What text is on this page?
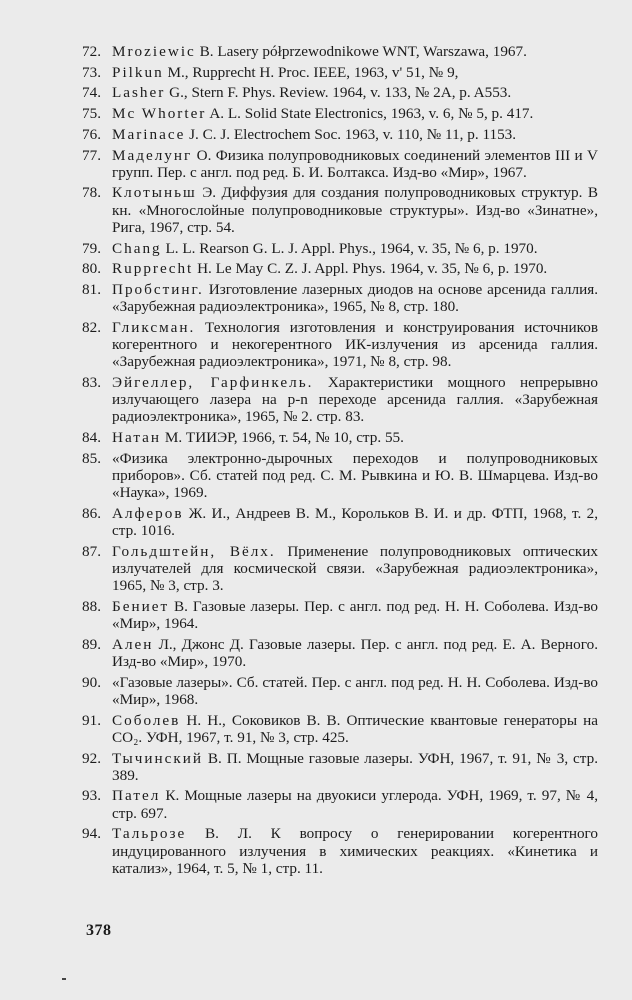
72. Mroziewic B. Lasery półprzewodnikowe WNT, Warszawa, 1967.
73. Pilkun M., Rupprecht H. Proc. IEEE, 1963, v' 51, № 9,
74. Lasher G., Stern F. Phys. Review. 1964, v. 133, № 2A, p. A553.
75. Mc Whorter A. L. Solid State Electronics, 1963, v. 6, № 5, p. 417.
76. Marinace J. C. J. Electrochem Soc. 1963, v. 110, № 11, p. 1153.
77. Маделунг О. Физика полупроводниковых соединений элементов III и V групп. Пер. с англ. под ред. Б. И. Болтакса. Изд-во «Мир», 1967.
78. Клотыньш Э. Диффузия для создания полупроводниковых структур. В кн. «Многослойные полупроводниковые структуры». Изд-во «Зинатне», Рига, 1967, стр. 54.
79. Chang L. L. Rearson G. L. J. Appl. Phys., 1964, v. 35, № 6, p. 1970.
80. Rupprecht H. Le May C. Z. J. Appl. Phys. 1964, v. 35, № 6, p. 1970.
81. Пробстинг. Изготовление лазерных диодов на основе арсенида галлия. «Зарубежная радиоэлектроника», 1965, № 8, стр. 180.
82. Гликсман. Технология изготовления и конструирования источников когерентного и некогерентного ИК-излучения из арсенида галлия. «Зарубежная радиоэлектроника», 1971, № 8, стр. 98.
83. Эйгеллер, Гарфинкель. Характеристики мощного непрерывно излучающего лазера на p-n переходе арсенида галлия. «Зарубежная радиоэлектроника», 1965, № 2. стр. 83.
84. Натан М. ТИИЭР, 1966, т. 54, № 10, стр. 55.
85. «Физика электронно-дырочных переходов и полупроводниковых приборов». Сб. статей под ред. С. М. Рывкина и Ю. В. Шмарцева. Изд-во «Наука», 1969.
86. Алферов Ж. И., Андреев В. М., Корольков В. И. и др. ФТП, 1968, т. 2, стр. 1016.
87. Гольдштейн, Вёлх. Применение полупроводниковых оптических излучателей для космической связи. «Зарубежная радиоэлектроника», 1965, № 3, стр. 3.
88. Бениет В. Газовые лазеры. Пер. с англ. под ред. Н. Н. Соболева. Изд-во «Мир», 1964.
89. Ален Л., Джонс Д. Газовые лазеры. Пер. с англ. под ред. Е. А. Верного. Изд-во «Мир», 1970.
90. «Газовые лазеры». Сб. статей. Пер. с англ. под ред. Н. Н. Соболева. Изд-во «Мир», 1968.
91. Соболев Н. Н., Соковиков В. В. Оптические квантовые генераторы на CO₂. УФН, 1967, т. 91, № 3, стр. 425.
92. Тычинский В. П. Мощные газовые лазеры. УФН, 1967, т. 91, № 3, стр. 389.
93. Пател К. Мощные лазеры на двуокиси углерода. УФН, 1969, т. 97, № 4, стр. 697.
94. Тальрозе В. Л. К вопросу о генерировании когерентного индуцированного излучения в химических реакциях. «Кинетика и катализ», 1964, т. 5, № 1, стр. 11.
378
